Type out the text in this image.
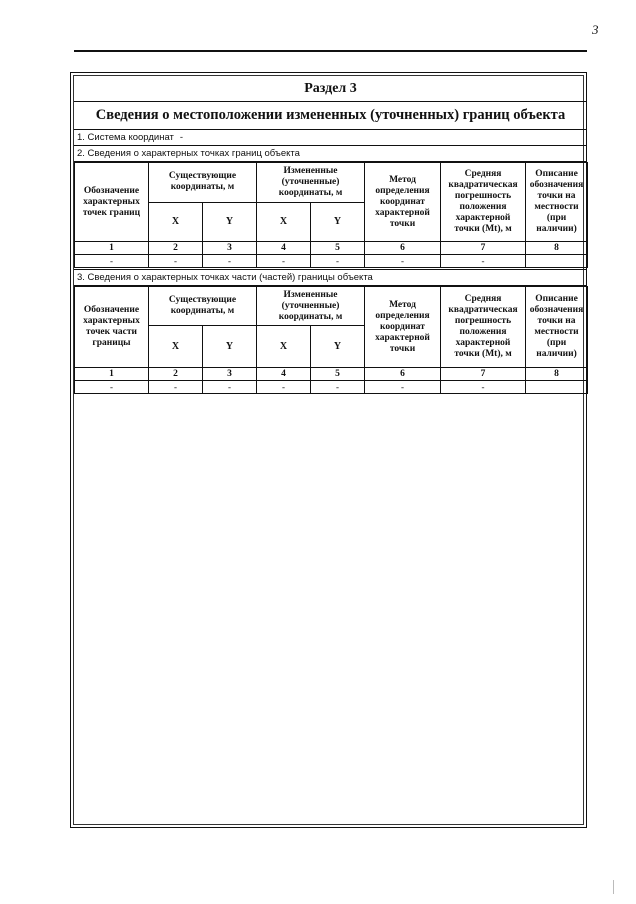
3
Раздел 3
Сведения о местоположении измененных (уточненных) границ объекта
1. Система координат -
2. Сведения о характерных точках границ объекта
Обозначение характерных точек границ	Существующие координаты, м		Измененные (уточненные) координаты, м		Метод определения координат характерной точки	Средняя квадратическая погрешность положения характерной точки (Mt), м	Описание обозначения точки на местности (при наличии)
	X	Y	X	Y			
1	2	3	4	5	6	7	8
-	-	-	-	-	-	-	
3. Сведения о характерных точках части (частей) границы объекта
Обозначение характерных точек части границы	Существующие координаты, м		Измененные (уточненные) координаты, м		Метод определения координат характерной точки	Средняя квадратическая погрешность положения характерной точки (Mt), м	Описание обозначения точки на местности (при наличии)
	X	Y	X	Y			
1	2	3	4	5	6	7	8
-	-	-	-	-	-	-	
